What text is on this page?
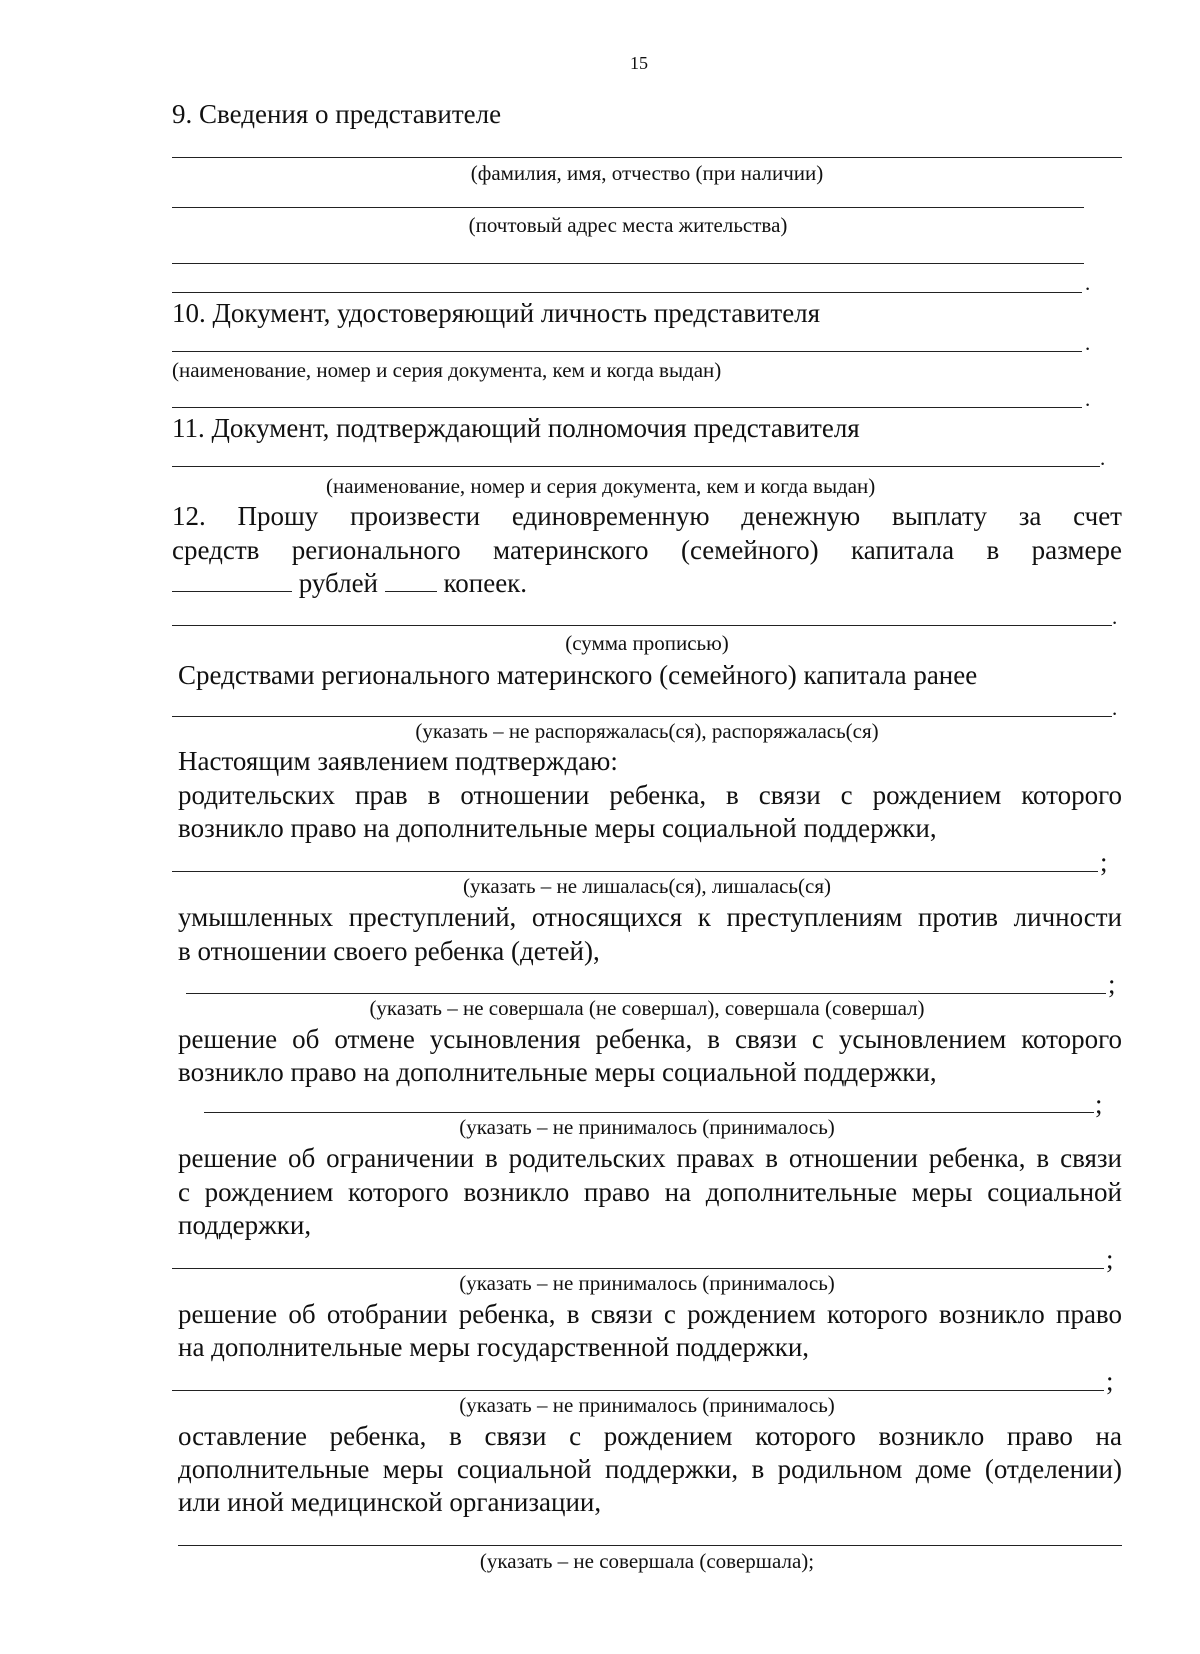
15
9. Сведения о представителе
(фамилия, имя, отчество (при наличии)
(почтовый адрес места жительства)
.
10. Документ, удостоверяющий личность представителя
.
(наименование, номер и серия документа, кем и когда выдан)
.
11. Документ, подтверждающий полномочия представителя
.
(наименование, номер и серия документа, кем и когда выдан)
12. Прошу произвести единовременную денежную выплату за счет
средств регионального материнского (семейного) капитала в размере
рублей копеек.
.
(сумма прописью)
Средствами регионального материнского (семейного) капитала ранее
.
(указать – не распоряжалась(ся), распоряжалась(ся)
Настоящим заявлением подтверждаю:
родительских прав в отношении ребенка, в связи с рождением которого
возникло право на дополнительные меры социальной поддержки,
;
(указать – не лишалась(ся), лишалась(ся)
умышленных преступлений, относящихся к преступлениям против личности
в отношении своего ребенка (детей),
;
(указать – не совершала (не совершал), совершала (совершал)
решение об отмене усыновления ребенка, в связи с усыновлением которого
возникло право на дополнительные меры социальной поддержки,
;
(указать – не принималось (принималось)
решение об ограничении в родительских правах в отношении ребенка, в связи
с рождением которого возникло право на дополнительные меры социальной
поддержки,
;
(указать – не принималось (принималось)
решение об отобрании ребенка, в связи с рождением которого возникло право
на дополнительные меры государственной поддержки,
;
(указать – не принималось (принималось)
оставление ребенка, в связи с рождением которого возникло право на
дополнительные меры социальной поддержки, в родильном доме (отделении)
или иной медицинской организации,
(указать – не совершала (совершала);
